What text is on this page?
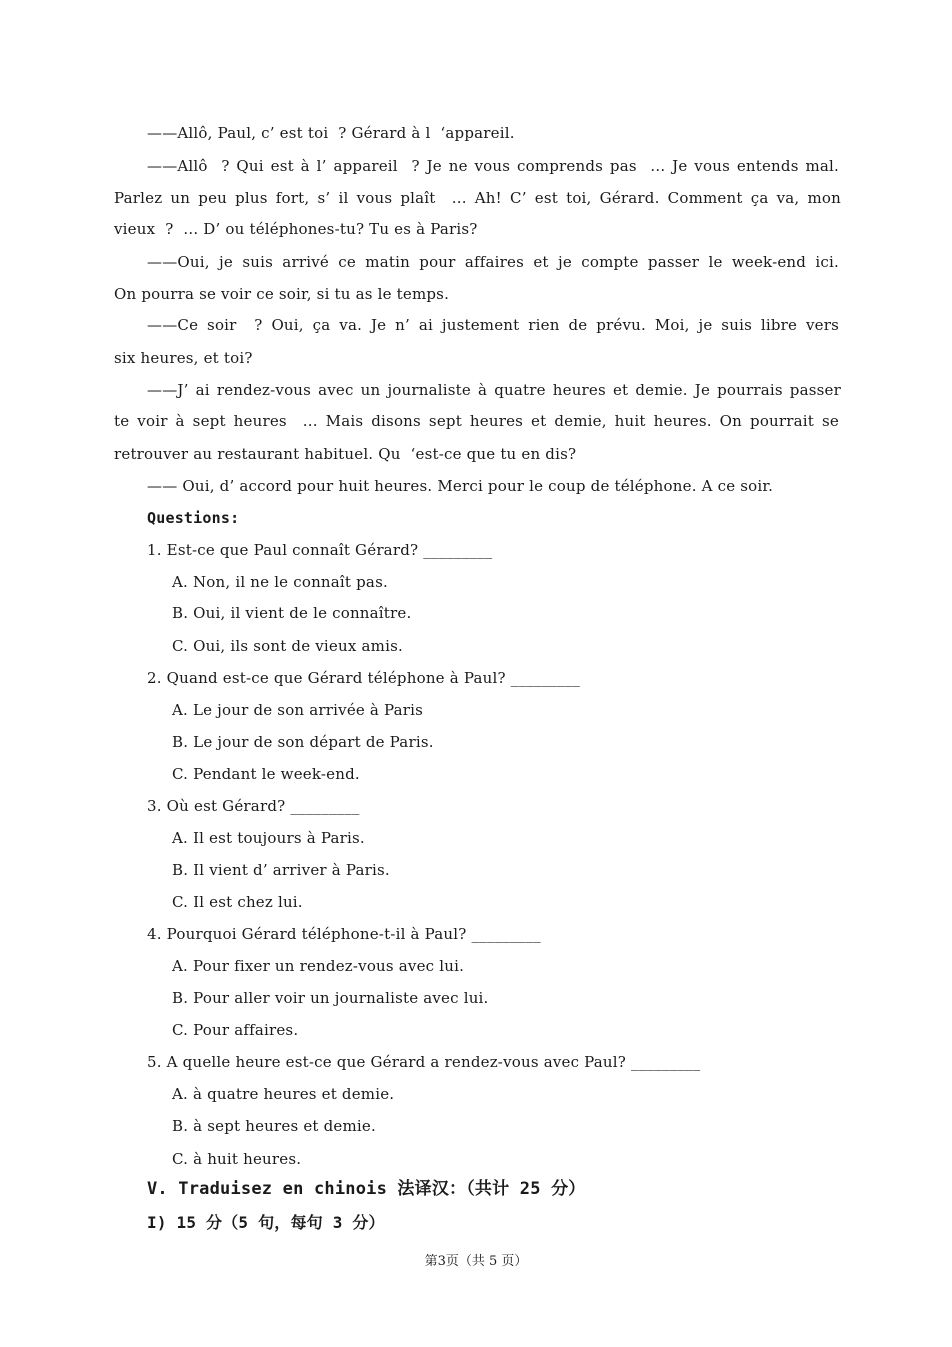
——Allô, Paul, c’ est toi  ? Gérard à l  ‘appareil.
——Allô  ? Qui est à l’ appareil  ? Je ne vous comprends pas  ... Je vous entends mal.
Parlez un peu plus fort, s’ il vous plaît  ... Ah! C’ est toi, Gérard. Comment ça va, mon
vieux  ?  ... D’ ou téléphones-tu? Tu es à Paris?
——Oui, je suis arrivé ce matin pour affaires et je compte passer le week-end ici.
On pourra se voir ce soir, si tu as le temps.
——Ce soir  ? Oui, ça va. Je n’ ai justement rien de prévu. Moi, je suis libre vers
six heures, et toi?
——J’ ai rendez-vous avec un journaliste à quatre heures et demie. Je pourrais passer
te voir à sept heures  ... Mais disons sept heures et demie, huit heures. On pourrait se
retrouver au restaurant habituel. Qu  ‘est-ce que tu en dis?
—— Oui, d’ accord pour huit heures. Merci pour le coup de téléphone. A ce soir.
Questions:
1. Est-ce que Paul connaît Gérard? _________
A. Non, il ne le connaît pas.
B. Oui, il vient de le connaître.
C. Oui, ils sont de vieux amis.
2. Quand est-ce que Gérard téléphone à Paul? _________
A. Le jour de son arrivée à Paris
B. Le jour de son départ de Paris.
C. Pendant le week-end.
3. Où est Gérard? _________
A. Il est toujours à Paris.
B. Il vient d’ arriver à Paris.
C. Il est chez lui.
4. Pourquoi Gérard téléphone-t-il à Paul? _________
A. Pour fixer un rendez-vous avec lui.
B. Pour aller voir un journaliste avec lui.
C. Pour affaires.
5. A quelle heure est-ce que Gérard a rendez-vous avec Paul? _________
A. à quatre heures et demie.
B. à sept heures et demie.
C. à huit heures.
V. Traduisez en chinois 法译汉：（共计 25 分）
I) 15 分（5 句，每句 3 分）
第3页（共 5 页）
